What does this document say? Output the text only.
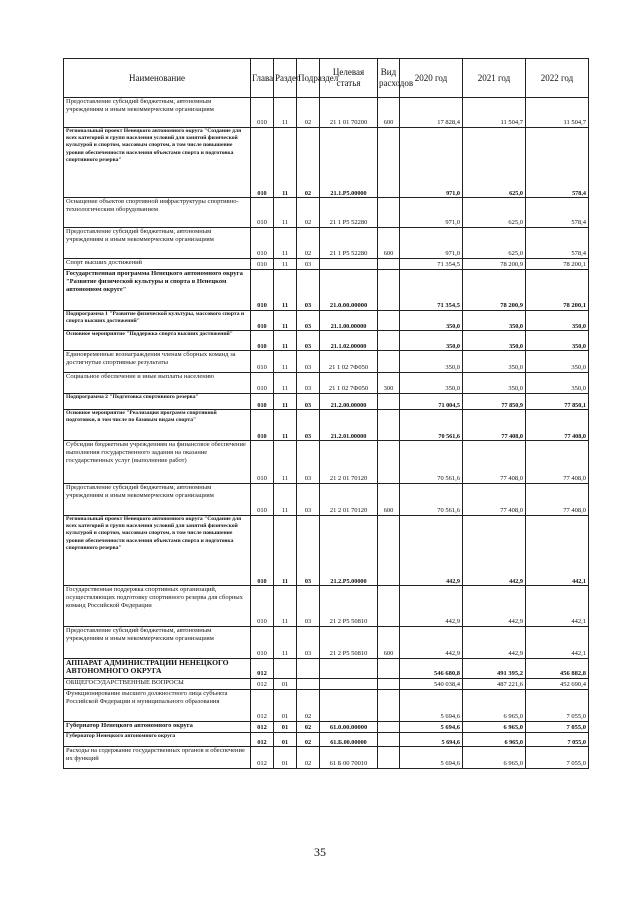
Наименование	Глава	Раздел	Подраздел	Целевая статья	Вид расходов	2020 год	2021 год	2022 год
Предоставление субсидий бюджетным, автономным учреждениям и иным некоммерческим организациям	010	11	02	21 1 01 70200	600	17 828,4	11 504,7	11 504,7
Региональный проект Ненецкого автономного округа "Создание для всех категорий и групп населения условий для занятий физической культурой и спортом, массовым спортом, в том числе повышение уровня обеспеченности населения объектами спорта и подготовка спортивного резерва"	010	11	02	21.1.P5.00000		971,0	625,0	578,4
Оснащение объектов спортивной инфраструктуры спортивно-технологическим оборудованием	010	11	02	21 1 P5 52280		971,0	625,0	578,4
Предоставление субсидий бюджетным, автономным учреждениям и иным некоммерческим организациям	010	11	02	21 1 P5 52280	600	971,0	625,0	578,4
Спорт высших достижений	010	11	03			71 354,5	78 200,9	78 200,1
Государственная программа Ненецкого автономного округа "Развитие физической культуры и спорта в Ненецком автономном округе"	010	11	03	21.0.00.00000		71 354,5	78 200,9	78 200,1
Подпрограмма 1 "Развитие физической культуры, массового спорта и спорта высших достижений"	010	11	03	21.1.00.00000		350,0	350,0	350,0
Основное мероприятие "Поддержка спорта высших достижений"	010	11	03	21.1.02.00000		350,0	350,0	350,0
Единовременные вознаграждения членам сборных команд за достигнутые спортивные результаты	010	11	03	21 1 02 7Ф050		350,0	350,0	350,0
Социальное обеспечение и иные выплаты населению	010	11	03	21 1 02 7Ф050	300	350,0	350,0	350,0
Подпрограмма 2 "Подготовка спортивного резерва"	010	11	03	21.2.00.00000		71 004,5	77 850,9	77 850,1
Основное мероприятие "Реализация программ спортивной подготовки, в том числе по базовым видам спорта"	010	11	03	21.2.01.00000		70 561,6	77 408,0	77 408,0
Субсидии бюджетным учреждениям на финансовое обеспечение выполнения государственного задания на оказание государственных услуг (выполнение работ)	010	11	03	21 2 01 70120		70 561,6	77 408,0	77 408,0
Предоставление субсидий бюджетным, автономным учреждениям и иным некоммерческим организациям	010	11	03	21 2 01 70120	600	70 561,6	77 408,0	77 408,0
Региональный проект Ненецкого автономного округа "Создание для всех категорий и групп населения условий для занятий физической культурой и спортом, массовым спортом, в том числе повышение уровня обеспеченности населения объектами спорта и подготовка спортивного резерва"	010	11	03	21.2.P5.00000		442,9	442,9	442,1
Государственная поддержка спортивных организаций, осуществляющих подготовку спортивного резерва для сборных команд Российской Федерации	010	11	03	21 2 P5 50810		442,9	442,9	442,1
Предоставление субсидий бюджетным, автономным учреждениям и иным некоммерческим организациям	010	11	03	21 2 P5 50810	600	442,9	442,9	442,1
АППАРАТ АДМИНИСТРАЦИИ НЕНЕЦКОГО АВТОНОМНОГО ОКРУГА	012					546 680,8	491 395,2	456 882,8
ОБЩЕГОСУДАРСТВЕННЫЕ ВОПРОСЫ	012	01				540 038,4	487 221,6	452 690,4
Функционирование высшего должностного лица субъекта Российской Федерации и муниципального образования	012	01	02			5 694,6	6 965,0	7 055,0
Губернатор Ненецкого автономного округа	012	01	02	61.0.00.00000		5 694,6	6 965,0	7 055,0
Губернатор Ненецкого автономного округа	012	01	02	61.Б.00.00000		5 694,6	6 965,0	7 055,0
Расходы на содержание государственных органов и обеспечение их функций	012	01	02	61 Б 00 70010		5 694,6	6 965,0	7 055,0
35
